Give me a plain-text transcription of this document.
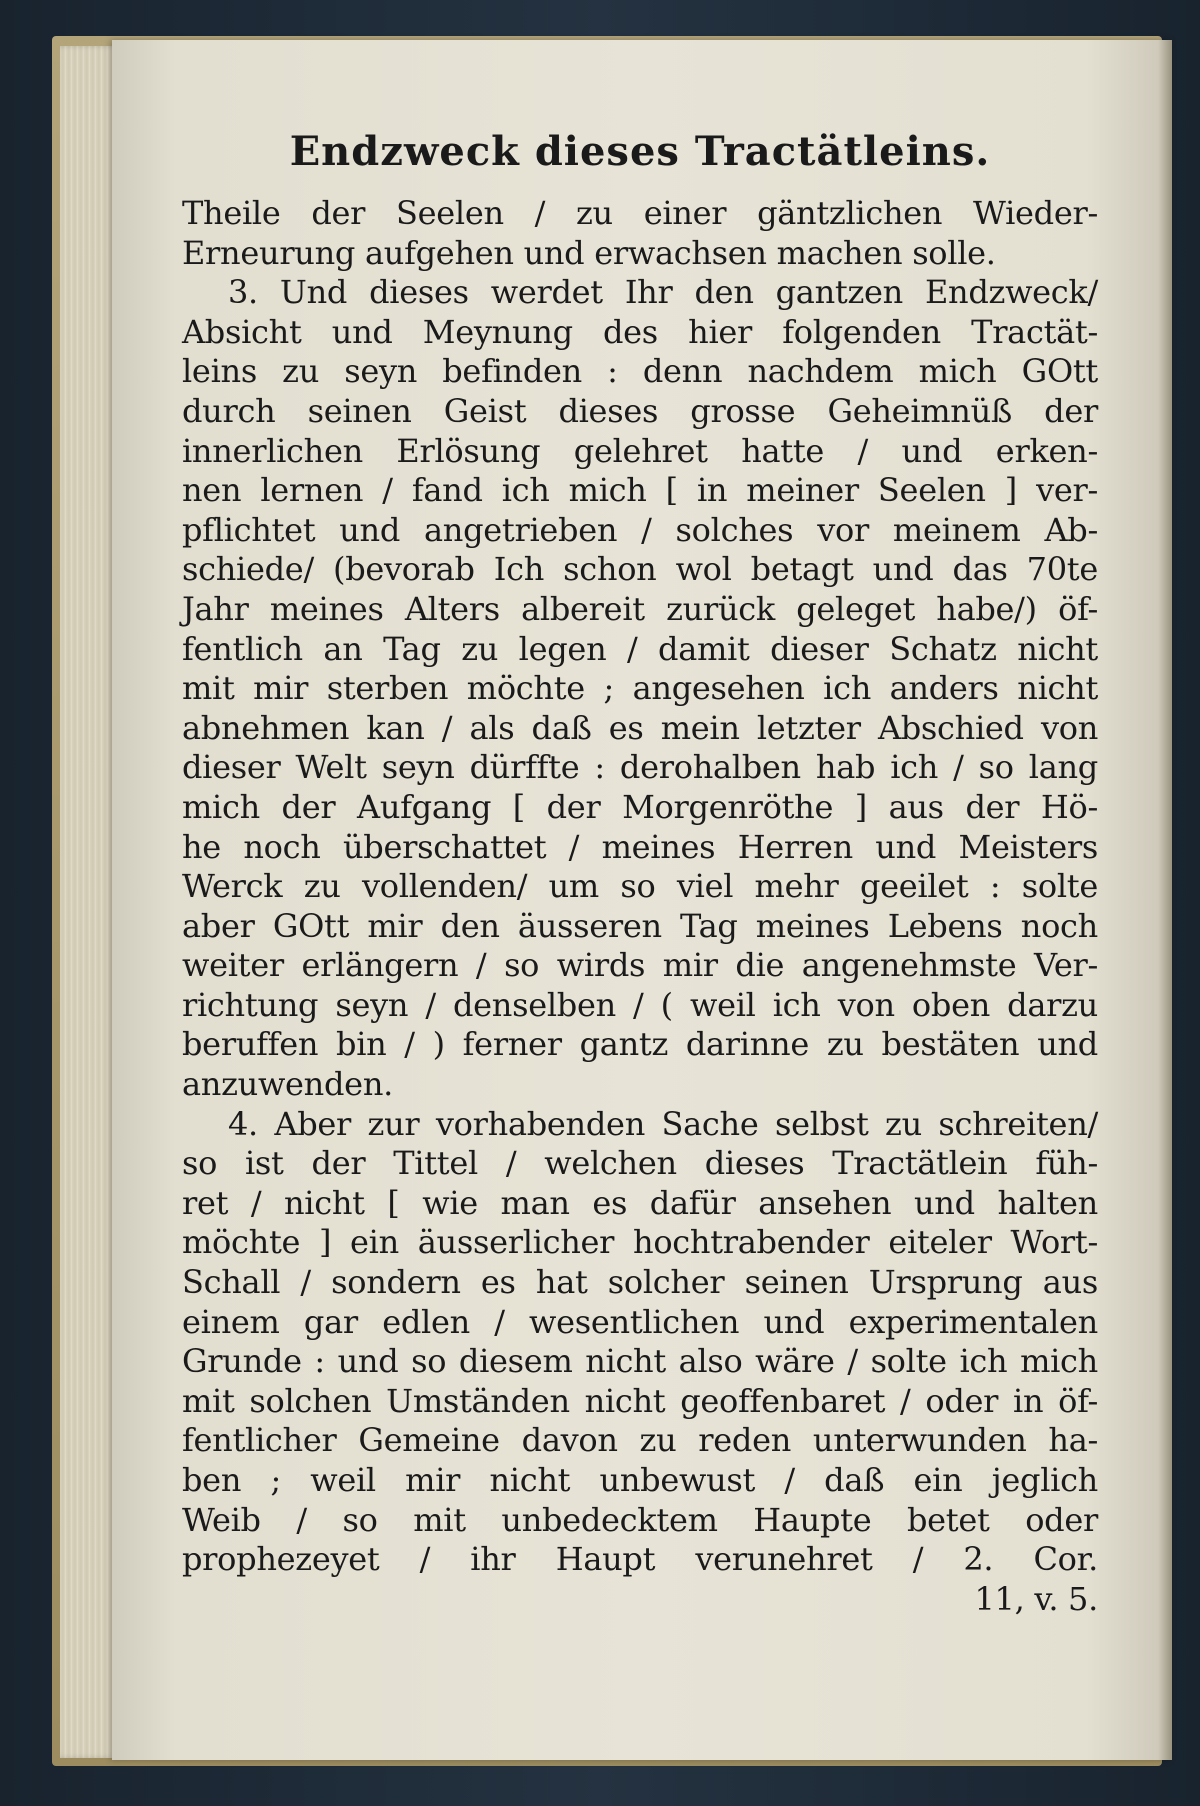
Endzweck dieses Tractätleins.
Theile der Seelen / zu einer gäntzlichen Wieder-
Erneurung aufgehen und erwachsen machen solle.
3. Und dieses werdet Ihr den gantzen Endzweck/
Absicht und Meynung des hier folgenden Tractät-
leins zu seyn befinden : denn nachdem mich GOtt
durch seinen Geist dieses grosse Geheimnüß der
innerlichen Erlösung gelehret hatte / und erken-
nen lernen / fand ich mich [ in meiner Seelen ] ver-
pflichtet und angetrieben / solches vor meinem Ab-
schiede/ (bevorab Ich schon wol betagt und das 70te
Jahr meines Alters albereit zurück geleget habe/) öf-
fentlich an Tag zu legen / damit dieser Schatz nicht
mit mir sterben möchte ; angesehen ich anders nicht
abnehmen kan / als daß es mein letzter Abschied von
dieser Welt seyn dürffte : derohalben hab ich / so lang
mich der Aufgang [ der Morgenröthe ] aus der Hö-
he noch überschattet / meines Herren und Meisters
Werck zu vollenden/ um so viel mehr geeilet : solte
aber GOtt mir den äusseren Tag meines Lebens noch
weiter erlängern / so wirds mir die angenehmste Ver-
richtung seyn / denselben / ( weil ich von oben darzu
beruffen bin / ) ferner gantz darinne zu bestäten und
anzuwenden.
4. Aber zur vorhabenden Sache selbst zu schreiten/
so ist der Tittel / welchen dieses Tractätlein füh-
ret / nicht [ wie man es dafür ansehen und halten
möchte ] ein äusserlicher hochtrabender eiteler Wort-
Schall / sondern es hat solcher seinen Ursprung aus
einem gar edlen / wesentlichen und experimentalen
Grunde : und so diesem nicht also wäre / solte ich mich
mit solchen Umständen nicht geoffenbaret / oder in öf-
fentlicher Gemeine davon zu reden unterwunden ha-
ben ; weil mir nicht unbewust / daß ein jeglich
Weib / so mit unbedecktem Haupte betet oder
prophezeyet / ihr Haupt verunehret / 2. Cor.
11, v. 5.
